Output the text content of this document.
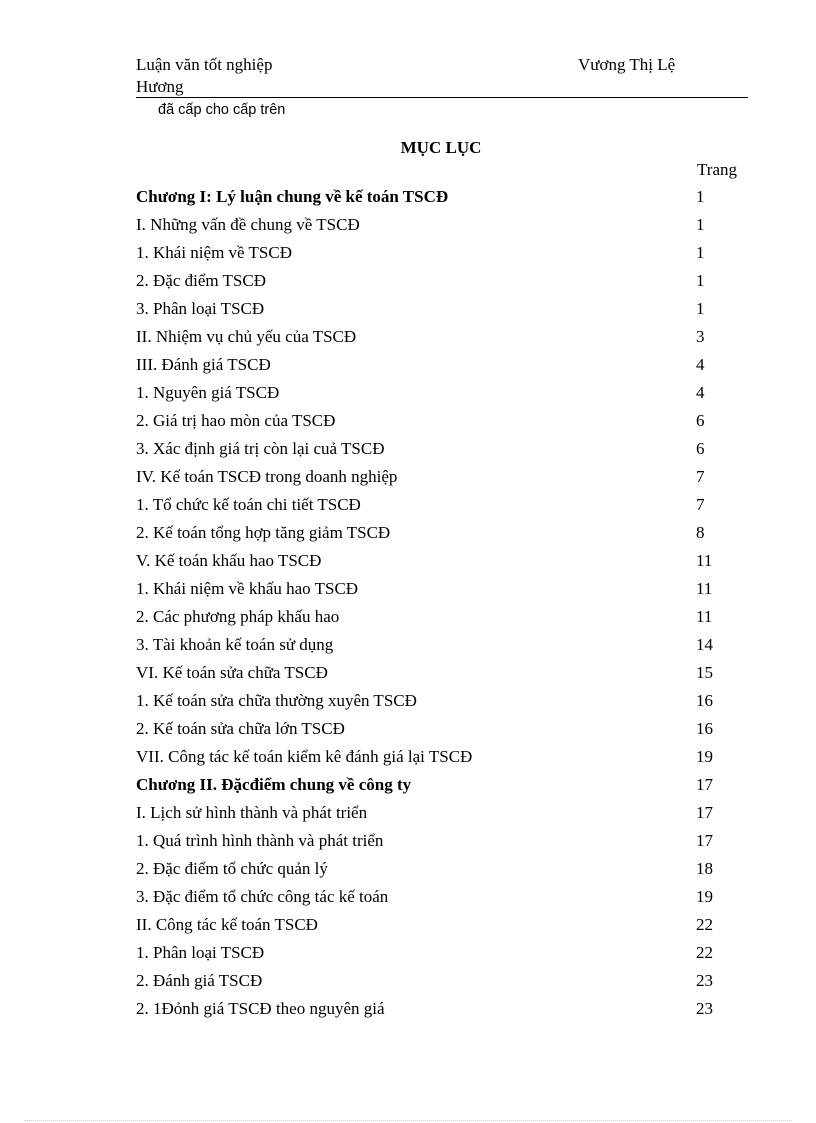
Luận văn tốt nghiệp
Hương
Vương Thị Lệ
đã cấp cho cấp trên
MỤC LỤC
Trang
Chương I: Lý luận chung về kế toán TSCĐ	1
I. Những vấn đề chung về TSCĐ	1
1. Khái niệm về TSCĐ	1
2. Đặc điểm TSCĐ	1
3. Phân loại TSCĐ	1
II. Nhiệm vụ chủ yếu của TSCĐ	3
III. Đánh giá TSCĐ	4
1. Nguyên giá TSCĐ	4
2. Giá trị hao mòn của TSCĐ	6
3. Xác định giá trị còn lại cuả TSCĐ	6
IV. Kế toán TSCĐ trong doanh nghiệp	7
1. Tổ chức kế toán chi tiết TSCĐ	7
2. Kế toán tổng hợp tăng giảm TSCĐ	8
V. Kế toán khấu hao TSCĐ	11
1. Khái niệm về khấu hao TSCĐ	11
2. Các phương pháp khấu hao	11
3. Tài khoản kế toán sử dụng	14
VI. Kế toán sửa chữa TSCĐ	15
1. Kế toán sửa chữa thường xuyên TSCĐ	16
2. Kế toán sửa chữa lớn TSCĐ	16
VII. Công tác kế toán kiểm kê đánh giá lại TSCĐ	19
Chương II. Đặcđiểm chung về công ty	17
I. Lịch sử hình thành và phát triển	17
1. Quá trình hình thành và phát triển	17
2. Đặc điểm tổ chức quản lý	18
3. Đặc điểm tổ chức công tác kế toán	19
II. Công tác kế toán TSCĐ	22
1. Phân loại TSCĐ	22
2. Đánh giá TSCĐ	23
2. 1Đỏnh giá TSCĐ theo nguyên giá	23
